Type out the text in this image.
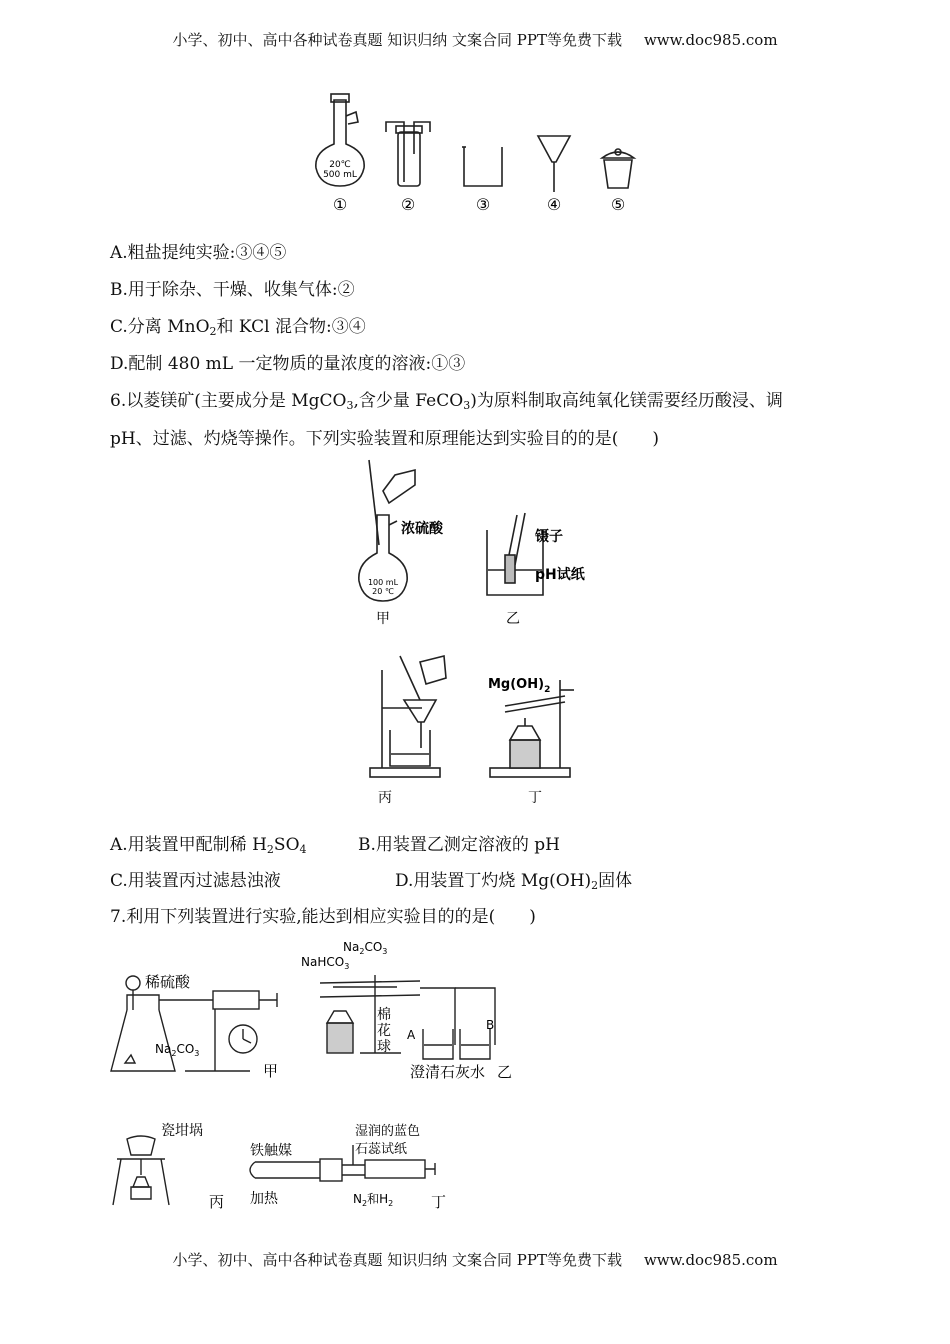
小学、初中、高中各种试卷真题 知识归纳 文案合同 PPT等免费下载 www.doc985.com
20℃
500 mL
①	②	③	④	⑤
A.粗盐提纯实验:③④⑤
B.用于除杂、干燥、收集气体:②
C.分离 MnO$_2$和 KCl 混合物:③④
D.配制 480 mL 一定物质的量浓度的溶液:①③
6.以菱镁矿(主要成分是 MgCO$_3$,含少量 FeCO$_3$)为原料制取高纯氧化镁需要经历酸浸、调
pH、过滤、灼烧等操作。下列实验装置和原理能达到实验目的的是(　　)
浓硫酸
100 mL
20 ℃
甲
镊子
pH试纸
乙
丙
$Mg(OH)_2$
丁
A.用装置甲配制稀 $H_2SO_4$	B.用装置乙测定溶液的 pH
C.用装置丙过滤悬浊液	D.用装置丁灼烧 $Mg(OH)_2$固体
7.利用下列装置进行实验,能达到相应实验目的的是(　　)
稀硫酸
$Na_2CO_3$
甲
$Na_2CO_3$
NaHCO$_3$
棉
花
球
A
B
澄清石灰水 乙
瓷坩埚
丙
铁触媒
加热
湿润的蓝色
石蕊试纸
$N_2$和$H_2$	丁
小学、初中、高中各种试卷真题 知识归纳 文案合同 PPT等免费下载 www.doc985.com
